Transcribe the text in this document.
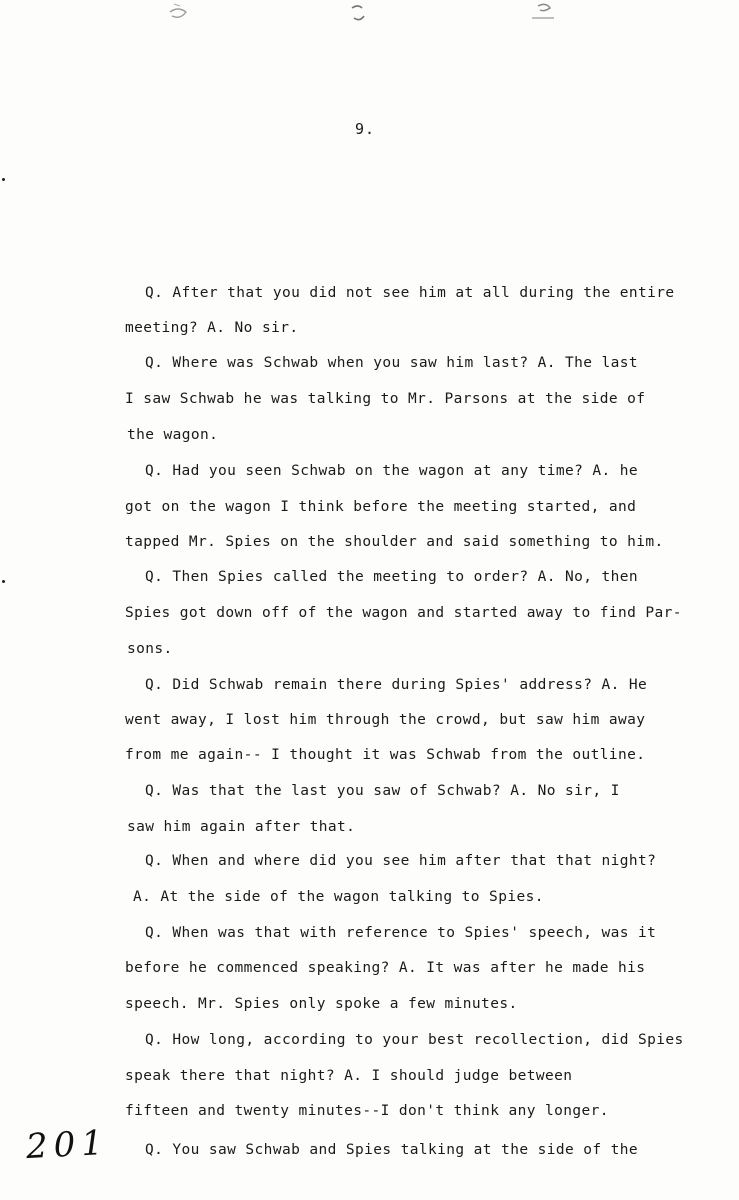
9.
Q. After that you did not see him at all during the entire
meeting? A. No sir.
Q. Where was Schwab when you saw him last? A. The last
I saw Schwab he was talking to Mr. Parsons at the side of
the wagon.
Q. Had you seen Schwab on the wagon at any time? A. he
got on the wagon I think before the meeting started, and
tapped Mr. Spies on the shoulder and said something to him.
Q. Then Spies called the meeting to order? A. No, then
Spies got down off of the wagon and started away to find Par-
sons.
Q. Did Schwab remain there during Spies' address? A. He
went away, I lost him through the crowd, but saw him away
from me again-- I thought it was Schwab from the outline.
Q. Was that the last you saw of Schwab? A. No sir, I
saw him again after that.
Q. When and where did you see him after that that night?
A. At the side of the wagon talking to Spies.
Q. When was that with reference to Spies' speech, was it
before he commenced speaking? A. It was after he made his
speech. Mr. Spies only spoke a few minutes.
Q. How long, according to your best recollection, did Spies
speak there that night? A. I should judge between
fifteen and twenty minutes--I don't think any longer.
Q. You saw Schwab and Spies talking at the side of the
201
